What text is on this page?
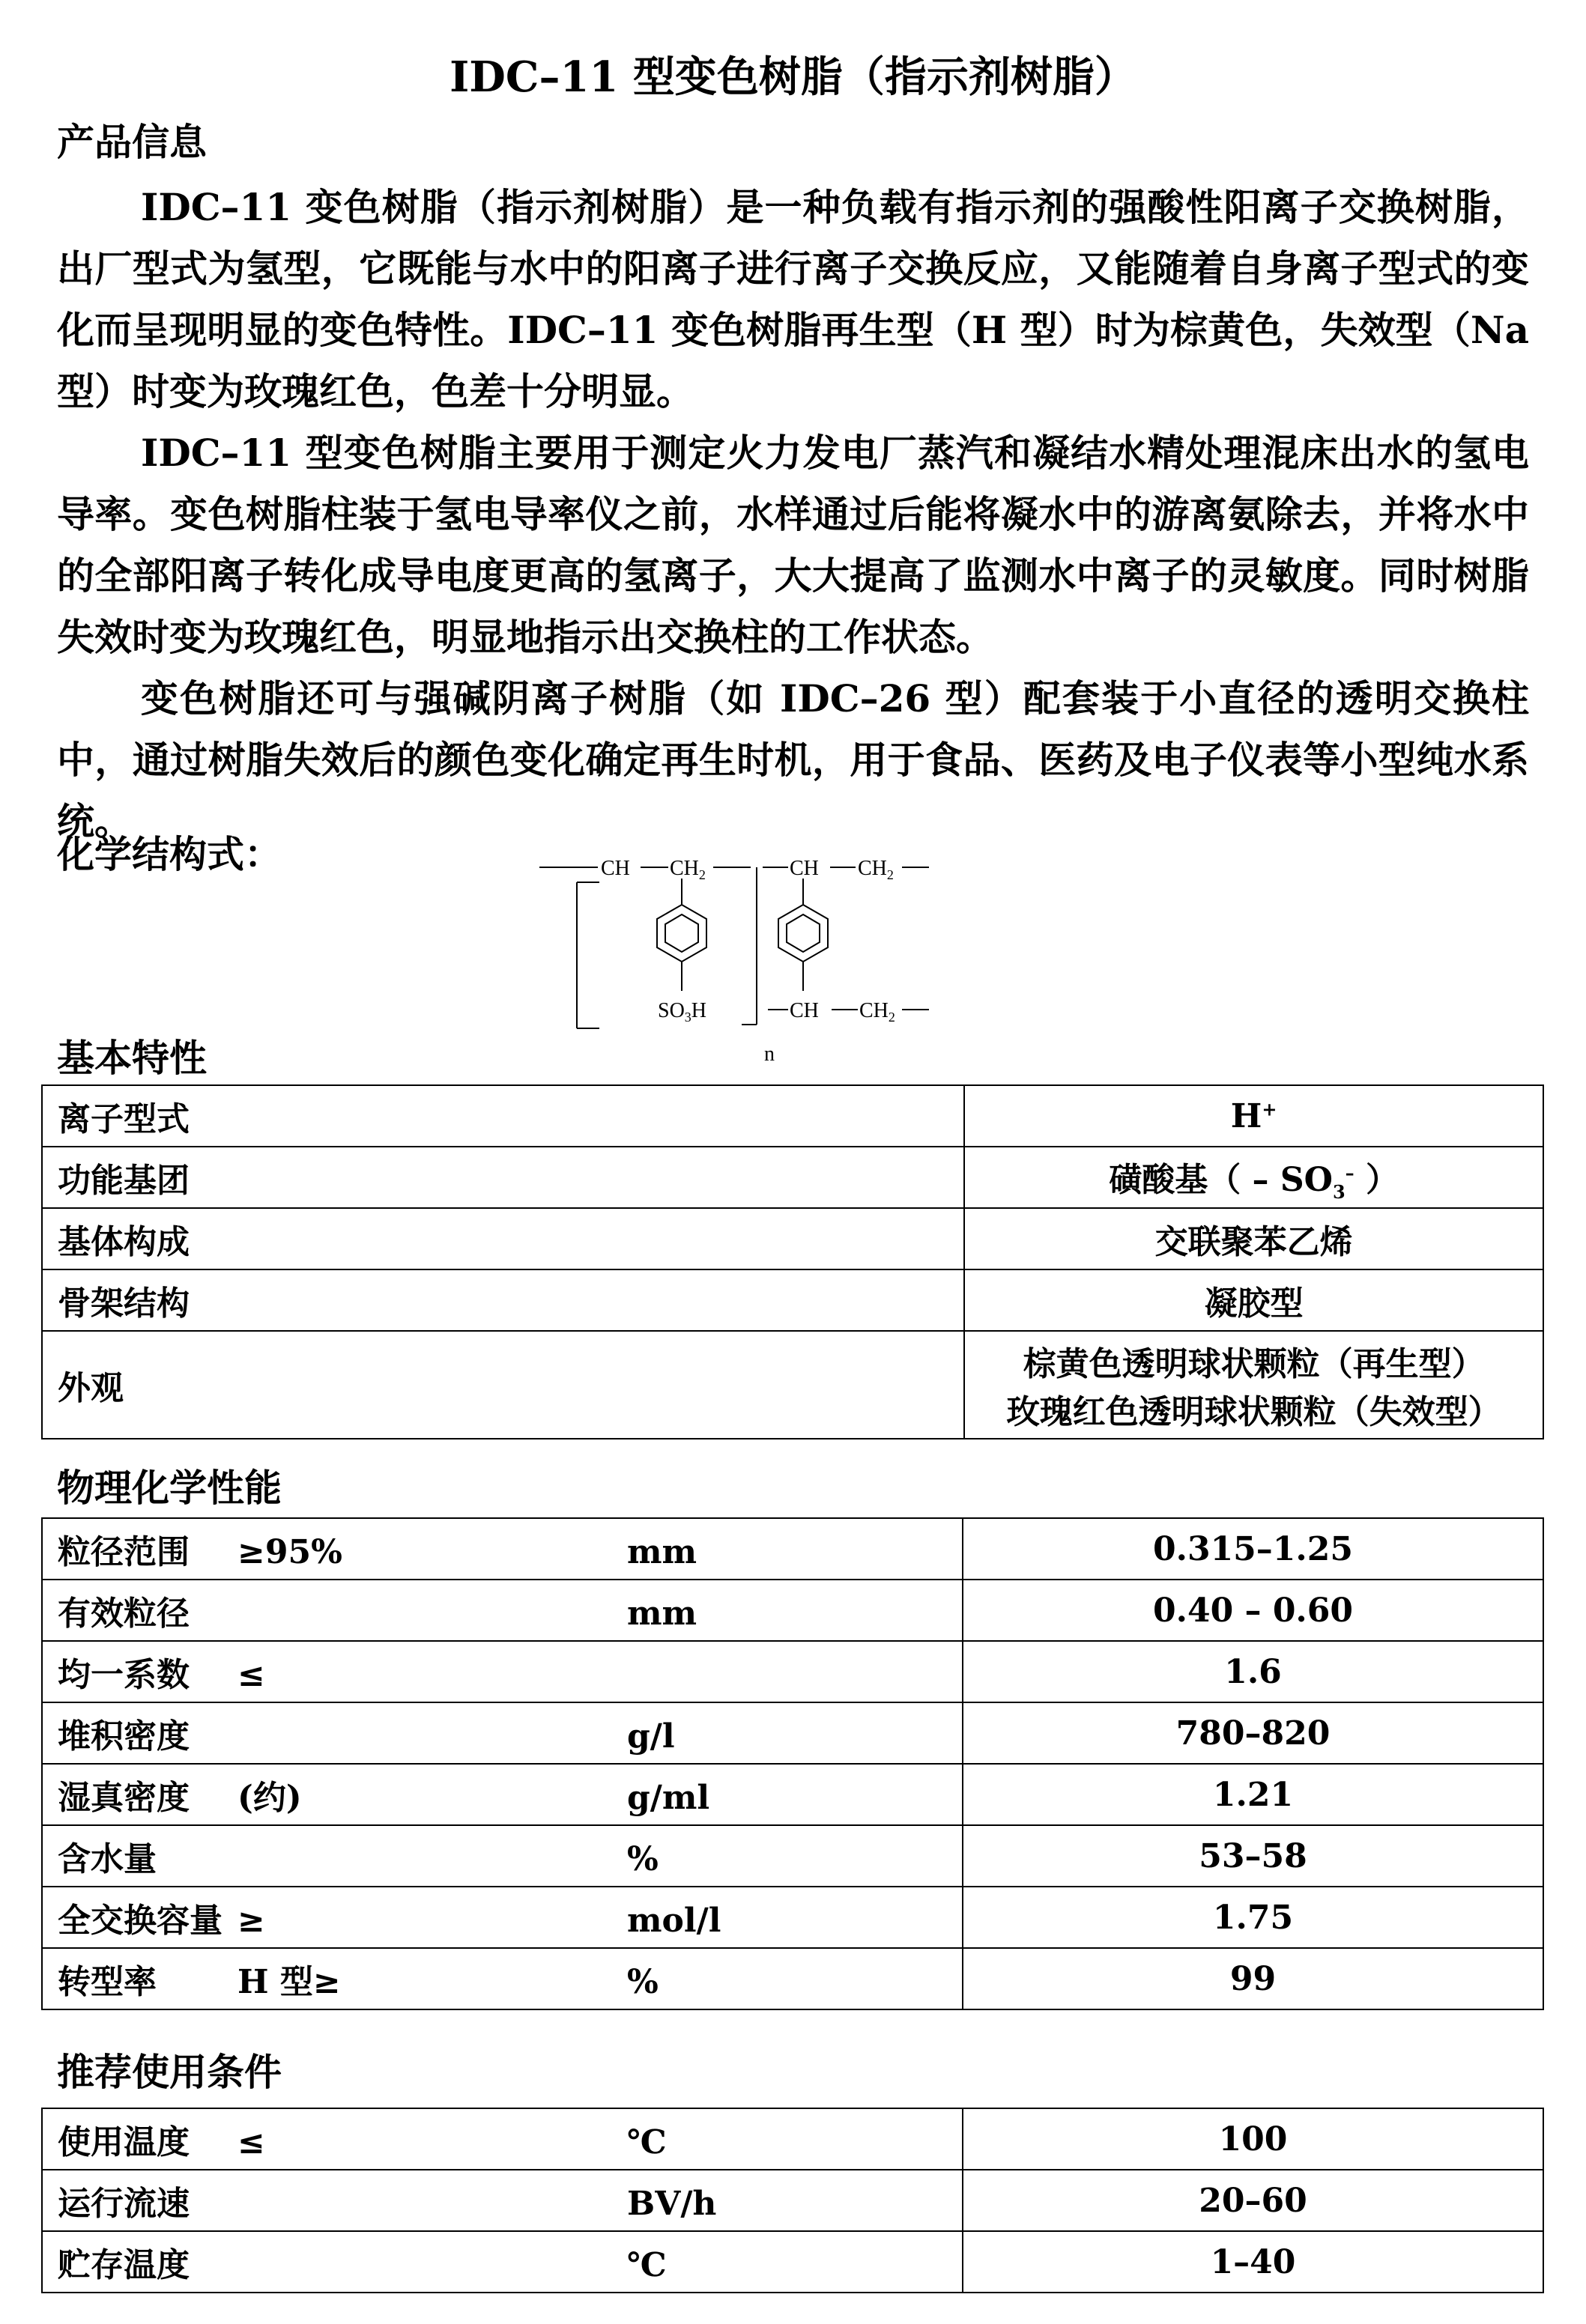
IDC–11 型变色树脂（指示剂树脂）
产品信息

IDC–11 变色树脂（指示剂树脂）是一种负载有指示剂的强酸性阳离子交换树脂，出厂型式为氢型，它既能与水中的阳离子进行离子交换反应，又能随着自身离子型式的变化而呈现明显的变色特性。IDC–11 变色树脂再生型（H 型）时为棕黄色，失效型（Na 型）时变为玫瑰红色，色差十分明显。

IDC–11 型变色树脂主要用于测定火力发电厂蒸汽和凝结水精处理混床出水的氢电导率。变色树脂柱装于氢电导率仪之前，水样通过后能将凝水中的游离氨除去，并将水中的全部阳离子转化成导电度更高的氢离子，大大提高了监测水中离子的灵敏度。同时树脂失效时变为玫瑰红色，明显地指示出交换柱的工作状态。

变色树脂还可与强碱阴离子树脂（如 IDC–26 型）配套装于小直径的透明交换柱中，通过树脂失效后的颜色变化确定再生时机，用于食品、医药及电子仪表等小型纯水系统。

化学结构式：	CH $CH_2$	CH $CH_2$
$SO_3H$	CH $CH_2$
n
基本特性
离子型式	H+
功能基团	磺酸基（ – $SO_3^-$ ）
基体构成	交联聚苯乙烯
骨架结构	凝胶型
外观	棕黄色透明球状颗粒（再生型）
玫瑰红色透明球状颗粒（失效型）
物理化学性能
粒径范围 ≥95% mm	0.315–1.25
有效粒径 mm	0.40 – 0.60
均一系数 ≤	1.6
堆积密度 g/l	780–820
湿真密度 (约) g/ml	1.21
含水量 %	53–58
全交换容量 ≥ mol/l	1.75
转型率 H 型≥ %	99
推荐使用条件
使用温度 ≤ ℃	100
运行流速 BV/h	20–60
贮存温度 ℃	1–40
